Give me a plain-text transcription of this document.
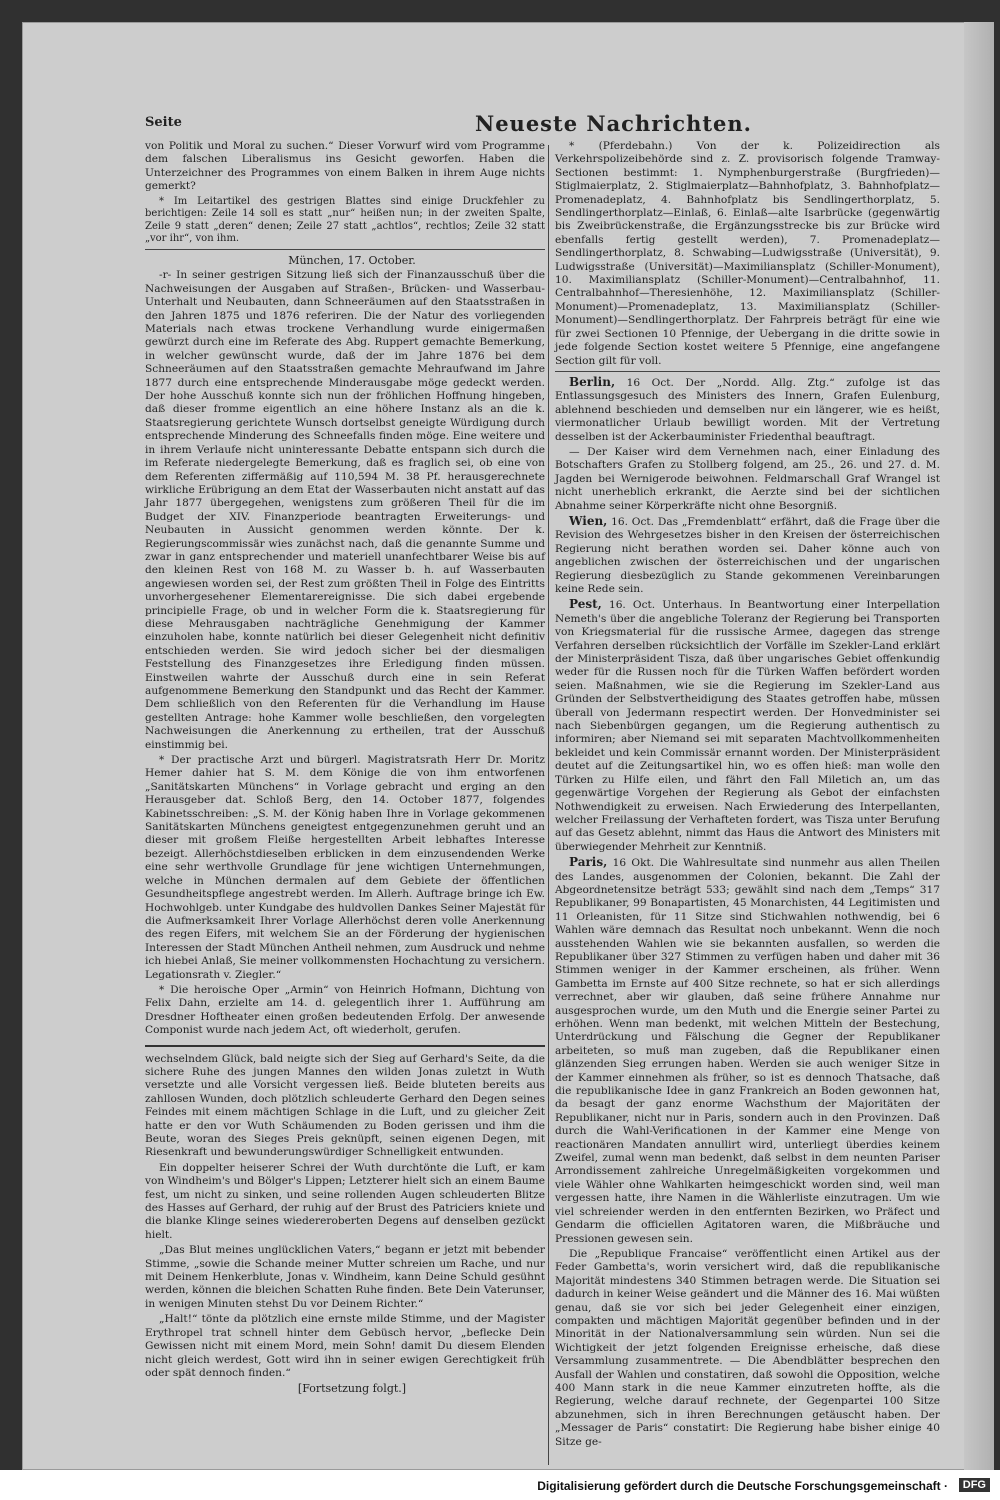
Seite	Neueste Nachrichten.

von Politik und Moral zu suchen.“ Dieser Vorwurf wird vom Programme dem falschen Liberalismus ins Gesicht geworfen. Haben die Unterzeichner des Programmes von einem Balken in ihrem Auge nichts gemerkt?

* Im Leitartikel des gestrigen Blattes sind einige Druckfehler zu berichtigen: Zeile 14 soll es statt „nur“ heißen nun; in der zweiten Spalte, Zeile 9 statt „deren“ denen; Zeile 27 statt „achtlos“, rechtlos; Zeile 32 statt „vor ihr“, von ihm.

München, 17. October.

-r- In seiner gestrigen Sitzung ließ sich der Finanzausschuß über die Nachweisungen der Ausgaben auf Straßen-, Brücken- und Wasserbau-Unterhalt und Neubauten, dann Schneeräumen auf den Staatsstraßen in den Jahren 1875 und 1876 referiren. Die der Natur des vorliegenden Materials nach etwas trockene Verhandlung wurde einigermaßen gewürzt durch eine im Referate des Abg. Ruppert gemachte Bemerkung, in welcher gewünscht wurde, daß der im Jahre 1876 bei dem Schneeräumen auf den Staatsstraßen gemachte Mehraufwand im Jahre 1877 durch eine entsprechende Minderausgabe möge gedeckt werden. Der hohe Ausschuß konnte sich nun der fröhlichen Hoffnung hingeben, daß dieser fromme eigentlich an eine höhere Instanz als an die k. Staatsregierung gerichtete Wunsch dortselbst geneigte Würdigung durch entsprechende Minderung des Schneefalls finden möge. Eine weitere und in ihrem Verlaufe nicht uninteressante Debatte entspann sich durch die im Referate niedergelegte Bemerkung, daß es fraglich sei, ob eine von dem Referenten ziffermäßig auf 110,594 M. 38 Pf. herausgerechnete wirkliche Erübrigung an dem Etat der Wasserbauten nicht anstatt auf das Jahr 1877 übergegehen, wenigstens zum größeren Theil für die im Budget der XIV. Finanzperiode beantragten Erweiterungs- und Neubauten in Aussicht genommen werden könnte. Der k. Regierungscommissär wies zunächst nach, daß die genannte Summe und zwar in ganz entsprechender und materiell unanfechtbarer Weise bis auf den kleinen Rest von 168 M. zu Wasser b. h. auf Wasserbauten angewiesen worden sei, der Rest zum größten Theil in Folge des Eintritts unvorhergesehener Elementarereignisse. Die sich dabei ergebende principielle Frage, ob und in welcher Form die k. Staatsregierung für diese Mehrausgaben nachträgliche Genehmigung der Kammer einzuholen habe, konnte natürlich bei dieser Gelegenheit nicht definitiv entschieden werden. Sie wird jedoch sicher bei der diesmaligen Feststellung des Finanzgesetzes ihre Erledigung finden müssen. Einstweilen wahrte der Ausschuß durch eine in sein Referat aufgenommene Bemerkung den Standpunkt und das Recht der Kammer. Dem schließlich von den Referenten für die Verhandlung im Hause gestellten Antrage: hohe Kammer wolle beschließen, den vorgelegten Nachweisungen die Anerkennung zu ertheilen, trat der Ausschuß einstimmig bei.

* Der practische Arzt und bürgerl. Magistratsrath Herr Dr. Moritz Hemer dahier hat S. M. dem Könige die von ihm entworfenen „Sanitätskarten Münchens“ in Vorlage gebracht und erging an den Herausgeber dat. Schloß Berg, den 14. October 1877, folgendes Kabinetsschreiben: „S. M. der König haben Ihre in Vorlage gekommenen Sanitätskarten Münchens geneigtest entgegenzunehmen geruht und an dieser mit großem Fleiße hergestellten Arbeit lebhaftes Interesse bezeigt. Allerhöchstdieselben erblicken in dem einzusendenden Werke eine sehr werthvolle Grundlage für jene wichtigen Unternehmungen, welche in München dermalen auf dem Gebiete der öffentlichen Gesundheitspflege angestrebt werden. Im Allerh. Auftrage bringe ich Ew. Hochwohlgeb. unter Kundgabe des huldvollen Dankes Seiner Majestät für die Aufmerksamkeit Ihrer Vorlage Allerhöchst deren volle Anerkennung des regen Eifers, mit welchem Sie an der Förderung der hygienischen Interessen der Stadt München Antheil nehmen, zum Ausdruck und nehme ich hiebei Anlaß, Sie meiner vollkommensten Hochachtung zu versichern. Legationsrath v. Ziegler.“

* Die heroische Oper „Armin“ von Heinrich Hofmann, Dichtung von Felix Dahn, erzielte am 14. d. gelegentlich ihrer 1. Aufführung am Dresdner Hoftheater einen großen bedeutenden Erfolg. Der anwesende Componist wurde nach jedem Act, oft wiederholt, gerufen.

wechselndem Glück, bald neigte sich der Sieg auf Gerhard's Seite, da die sichere Ruhe des jungen Mannes den wilden Jonas zuletzt in Wuth versetzte und alle Vorsicht vergessen ließ. Beide bluteten bereits aus zahllosen Wunden, doch plötzlich schleuderte Gerhard den Degen seines Feindes mit einem mächtigen Schlage in die Luft, und zu gleicher Zeit hatte er den vor Wuth Schäumenden zu Boden gerissen und ihm die Beute, woran des Sieges Preis geknüpft, seinen eigenen Degen, mit Riesenkraft und bewunderungswürdiger Schnelligkeit entwunden.

Ein doppelter heiserer Schrei der Wuth durchtönte die Luft, er kam von Windheim's und Bölger's Lippen; Letzterer hielt sich an einem Baume fest, um nicht zu sinken, und seine rollenden Augen schleuderten Blitze des Hasses auf Gerhard, der ruhig auf der Brust des Patriciers kniete und die blanke Klinge seines wiedereroberten Degens auf denselben gezückt hielt.

„Das Blut meines unglücklichen Vaters,“ begann er jetzt mit bebender Stimme, „sowie die Schande meiner Mutter schreien um Rache, und nur mit Deinem Henkerblute, Jonas v. Windheim, kann Deine Schuld gesühnt werden, können die bleichen Schatten Ruhe finden. Bete Dein Vaterunser, in wenigen Minuten stehst Du vor Deinem Richter.“

„Halt!“ tönte da plötzlich eine ernste milde Stimme, und der Magister Erythropel trat schnell hinter dem Gebüsch hervor, „beflecke Dein Gewissen nicht mit einem Mord, mein Sohn! damit Du diesem Elenden nicht gleich werdest, Gott wird ihn in seiner ewigen Gerechtigkeit früh oder spät dennoch finden.“

[Fortsetzung folgt.]

* (Pferdebahn.) Von der k. Polizeidirection als Verkehrspolizeibehörde sind z. Z. provisorisch folgende Tramway-Sectionen bestimmt: 1. Nymphenburgerstraße (Burgfrieden)—Stiglmaierplatz, 2. Stiglmaierplatz—Bahnhofplatz, 3. Bahnhofplatz—Promenadeplatz, 4. Bahnhofplatz bis Sendlingerthorplatz, 5. Sendlingerthorplatz—Einlaß, 6. Einlaß—alte Isarbrücke (gegenwärtig bis Zweibrückenstraße, die Ergänzungsstrecke bis zur Brücke wird ebenfalls fertig gestellt werden), 7. Promenadeplatz—Sendlingerthorplatz, 8. Schwabing—Ludwigsstraße (Universität), 9. Ludwigsstraße (Universität)—Maximiliansplatz (Schiller-Monument), 10. Maximiliansplatz (Schiller-Monument)—Centralbahnhof, 11. Centralbahnhof—Theresienhöhe, 12. Maximiliansplatz (Schiller-Monument)—Promenadeplatz, 13. Maximiliansplatz (Schiller-Monument)—Sendlingerthorplatz. Der Fahrpreis beträgt für eine wie für zwei Sectionen 10 Pfennige, der Uebergang in die dritte sowie in jede folgende Section kostet weitere 5 Pfennige, eine angefangene Section gilt für voll.

Berlin, 16 Oct. Der „Nordd. Allg. Ztg.“ zufolge ist das Entlassungsgesuch des Ministers des Innern, Grafen Eulenburg, ablehnend beschieden und demselben nur ein längerer, wie es heißt, viermonatlicher Urlaub bewilligt worden. Mit der Vertretung desselben ist der Ackerbauminister Friedenthal beauftragt.

— Der Kaiser wird dem Vernehmen nach, einer Einladung des Botschafters Grafen zu Stollberg folgend, am 25., 26. und 27. d. M. Jagden bei Wernigerode beiwohnen. Feldmarschall Graf Wrangel ist nicht unerheblich erkrankt, die Aerzte sind bei der sichtlichen Abnahme seiner Körperkräfte nicht ohne Besorgniß.

Wien, 16. Oct. Das „Fremdenblatt“ erfährt, daß die Frage über die Revision des Wehrgesetzes bisher in den Kreisen der österreichischen Regierung nicht berathen worden sei. Daher könne auch von angeblichen zwischen der österreichischen und der ungarischen Regierung diesbezüglich zu Stande gekommenen Vereinbarungen keine Rede sein.

Pest, 16. Oct. Unterhaus. In Beantwortung einer Interpellation Nemeth's über die angebliche Toleranz der Regierung bei Transporten von Kriegsmaterial für die russische Armee, dagegen das strenge Verfahren derselben rücksichtlich der Vorfälle im Szekler-Land erklärt der Ministerpräsident Tisza, daß über ungarisches Gebiet offenkundig weder für die Russen noch für die Türken Waffen befördert worden seien. Maßnahmen, wie sie die Regierung im Szekler-Land aus Gründen der Selbstvertheidigung des Staates getroffen habe, müssen überall von Jedermann respectirt werden. Der Honvedminister sei nach Siebenbürgen gegangen, um die Regierung authentisch zu informiren; aber Niemand sei mit separaten Machtvollkommenheiten bekleidet und kein Commissär ernannt worden. Der Ministerpräsident deutet auf die Zeitungsartikel hin, wo es offen hieß: man wolle den Türken zu Hilfe eilen, und fährt den Fall Miletich an, um das gegenwärtige Vorgehen der Regierung als Gebot der einfachsten Nothwendigkeit zu erweisen. Nach Erwiederung des Interpellanten, welcher Freilassung der Verhafteten fordert, was Tisza unter Berufung auf das Gesetz ablehnt, nimmt das Haus die Antwort des Ministers mit überwiegender Mehrheit zur Kenntniß.

Paris, 16 Okt. Die Wahlresultate sind nunmehr aus allen Theilen des Landes, ausgenommen der Colonien, bekannt. Die Zahl der Abgeordnetensitze beträgt 533; gewählt sind nach dem „Temps“ 317 Republikaner, 99 Bonapartisten, 45 Monarchisten, 44 Legitimisten und 11 Orleanisten, für 11 Sitze sind Stichwahlen nothwendig, bei 6 Wahlen wäre demnach das Resultat noch unbekannt. Wenn die noch ausstehenden Wahlen wie sie bekannten ausfallen, so werden die Republikaner über 327 Stimmen zu verfügen haben und daher mit 36 Stimmen weniger in der Kammer erscheinen, als früher. Wenn Gambetta im Ernste auf 400 Sitze rechnete, so hat er sich allerdings verrechnet, aber wir glauben, daß seine frühere Annahme nur ausgesprochen wurde, um den Muth und die Energie seiner Partei zu erhöhen. Wenn man bedenkt, mit welchen Mitteln der Bestechung, Unterdrückung und Fälschung die Gegner der Republikaner arbeiteten, so muß man zugeben, daß die Republikaner einen glänzenden Sieg errungen haben. Werden sie auch weniger Sitze in der Kammer einnehmen als früher, so ist es dennoch Thatsache, daß die republikanische Idee in ganz Frankreich an Boden gewonnen hat, da besagt der ganz enorme Wachsthum der Majoritäten der Republikaner, nicht nur in Paris, sondern auch in den Provinzen. Daß durch die Wahl-Verificationen in der Kammer eine Menge von reactionären Mandaten annullirt wird, unterliegt überdies keinem Zweifel, zumal wenn man bedenkt, daß selbst in dem neunten Pariser Arrondissement zahlreiche Unregelmäßigkeiten vorgekommen und viele Wähler ohne Wahlkarten heimgeschickt worden sind, weil man vergessen hatte, ihre Namen in die Wählerliste einzutragen. Um wie viel schreiender werden in den entfernten Bezirken, wo Präfect und Gendarm die officiellen Agitatoren waren, die Mißbräuche und Pressionen gewesen sein.

Die „Republique Francaise“ veröffentlicht einen Artikel aus der Feder Gambetta's, worin versichert wird, daß die republikanische Majorität mindestens 340 Stimmen betragen werde. Die Situation sei dadurch in keiner Weise geändert und die Männer des 16. Mai wüßten genau, daß sie vor sich bei jeder Gelegenheit einer einzigen, compakten und mächtigen Majorität gegenüber befinden und in der Minorität in der Nationalversammlung sein würden. Nun sei die Wichtigkeit der jetzt folgenden Ereignisse erheische, daß diese Versammlung zusammentrete. — Die Abendblätter besprechen den Ausfall der Wahlen und constatiren, daß sowohl die Opposition, welche 400 Mann stark in die neue Kammer einzutreten hoffte, als die Regierung, welche darauf rechnete, der Gegenpartei 100 Sitze abzunehmen, sich in ihren Berechnungen getäuscht haben. Der „Messager de Paris“ constatirt: Die Regierung habe bisher einige 40 Sitze ge-

Digitalisierung gefördert durch die Deutsche Forschungsgemeinschaft ·	DFG
